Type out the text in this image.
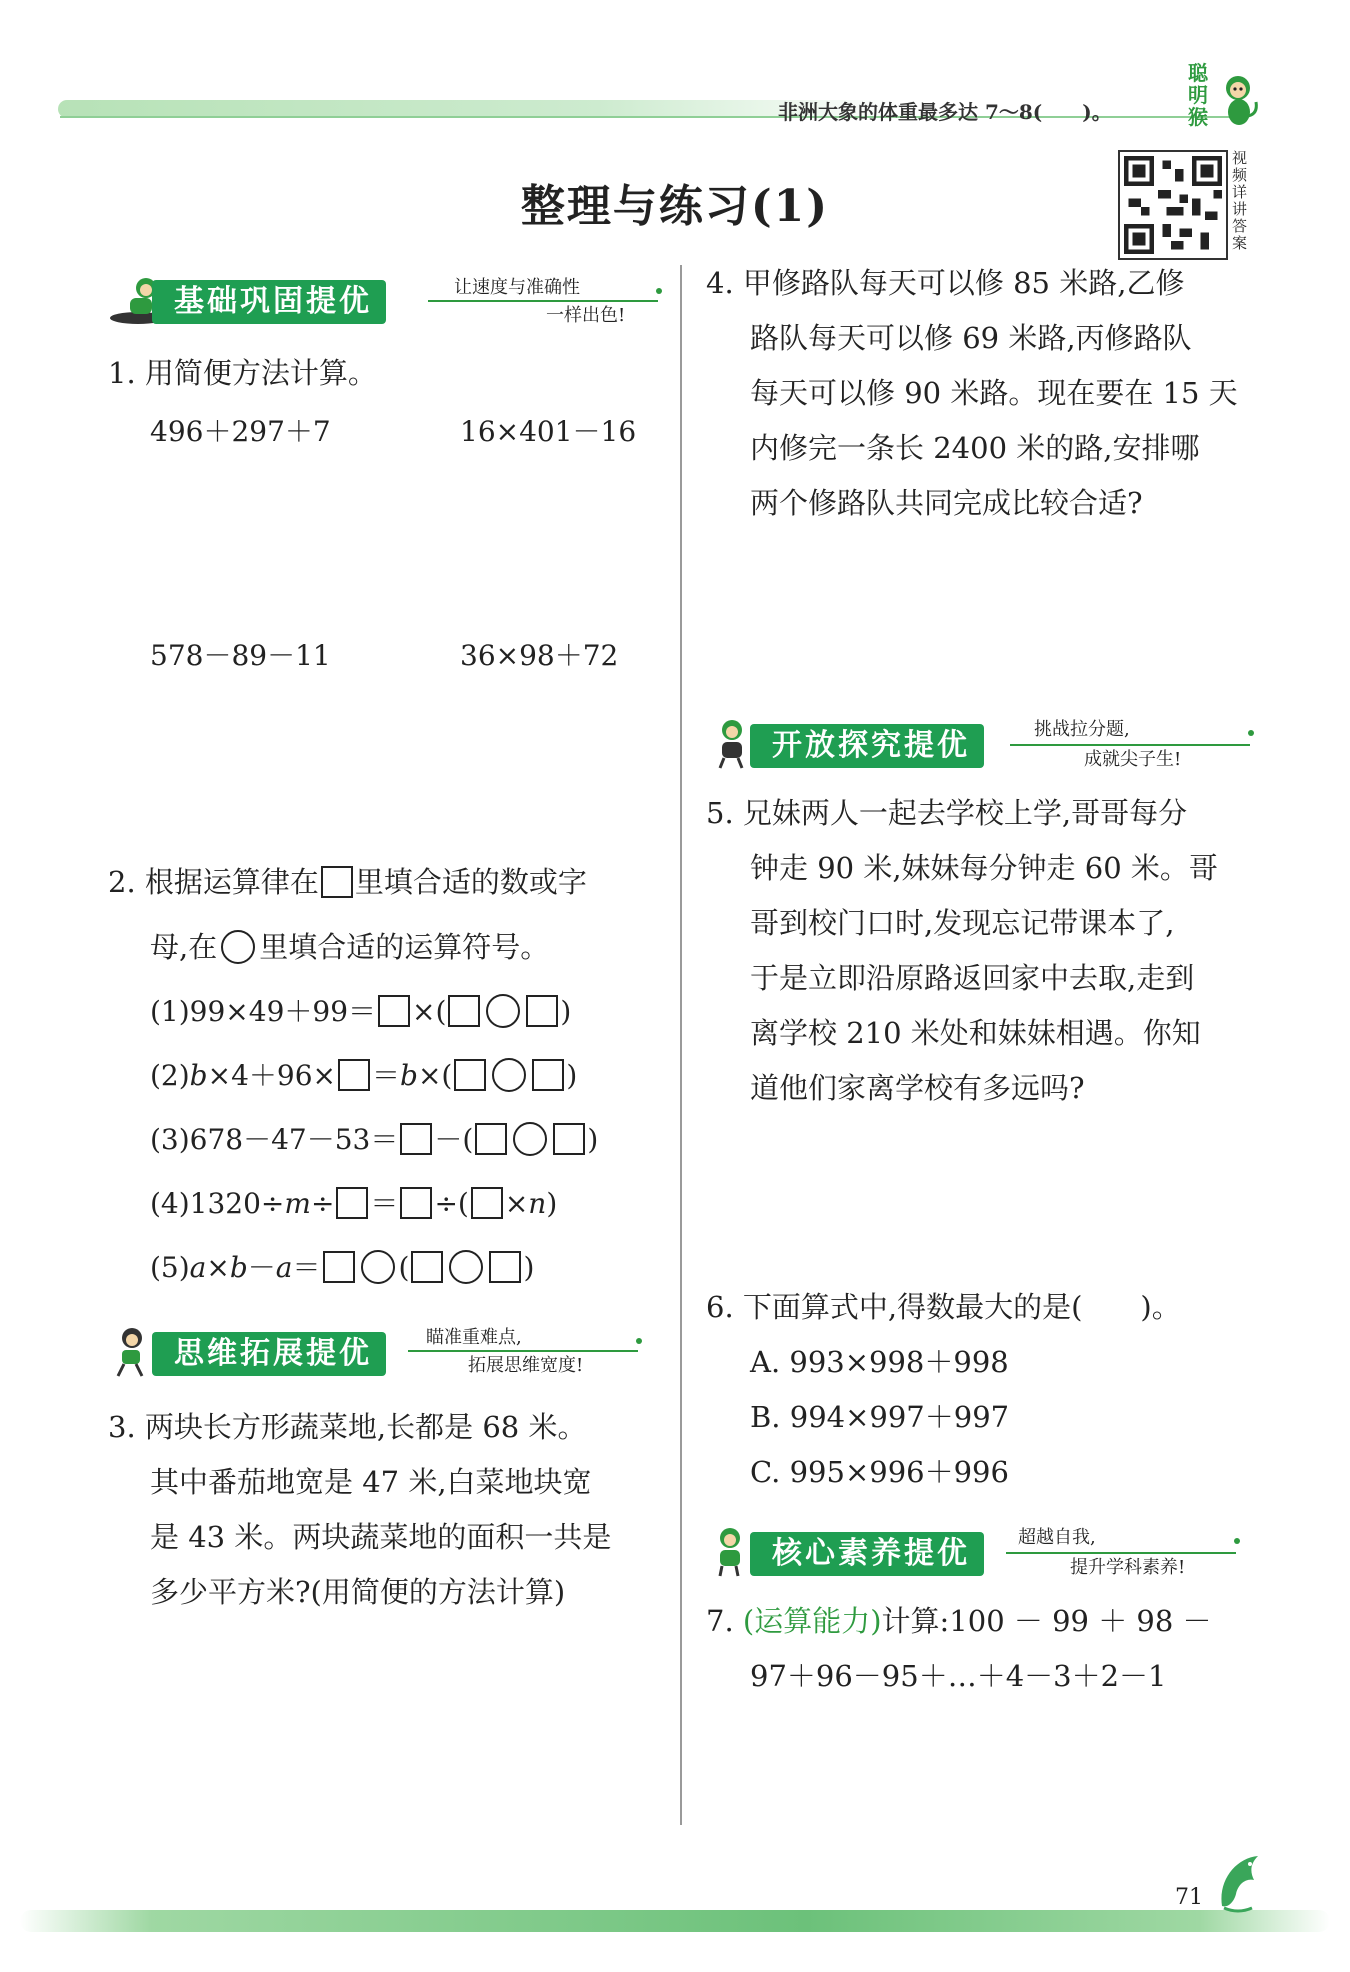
非洲大象的体重最多达 7～8(　　)。
聪明猴
整理与练习(1)
视频详讲答案
基础巩固提优	让速度与准确性
一样出色!
1. 用简便方法计算。
496＋297＋7	16×401－16
578－89－11	36×98＋72
2. 根据运算律在 里填合适的数或字
母,在 里填合适的运算符号。
(1)99×49＋99＝ ×(	)
(2)b×4＋96× ＝b×(	)
(3)678－47－53＝ －(	)
(4)1320÷m÷ ＝ ÷( ×n)
(5)a×b－a＝	(	)
思维拓展提优	瞄准重难点,
拓展思维宽度!
3. 两块长方形蔬菜地,长都是 68 米。
其中番茄地宽是 47 米,白菜地块宽
是 43 米。两块蔬菜地的面积一共是
多少平方米?(用简便的方法计算)
4. 甲修路队每天可以修 85 米路,乙修
路队每天可以修 69 米路,丙修路队
每天可以修 90 米路。现在要在 15 天
内修完一条长 2400 米的路,安排哪
两个修路队共同完成比较合适?
开放探究提优	挑战拉分题,
成就尖子生!
5. 兄妹两人一起去学校上学,哥哥每分
钟走 90 米,妹妹每分钟走 60 米。哥
哥到校门口时,发现忘记带课本了,
于是立即沿原路返回家中去取,走到
离学校 210 米处和妹妹相遇。你知
道他们家离学校有多远吗?
6. 下面算式中,得数最大的是(　　)。
A. 993×998＋998
B. 994×997＋997
C. 995×996＋996
核心素养提优	超越自我,
提升学科素养!
7. (运算能力)计算:100 － 99 ＋ 98 －
97＋96－95＋…＋4－3＋2－1
71
